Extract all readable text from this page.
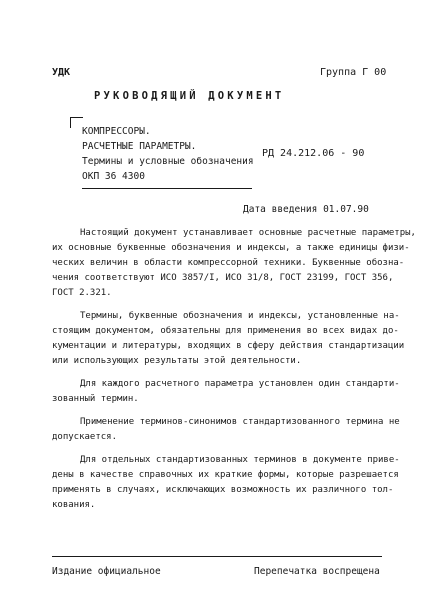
УДК	Группа Г 00
РУКОВОДЯЩИЙ ДОКУМЕНТ
КОМПРЕССОРЫ.
РАСЧЕТНЫЕ ПАРАМЕТРЫ.
Термины и условные обозначения
ОКП 36 4300
РД 24.212.06 - 90
Дата введения 01.07.90

Настоящий документ устанавливает основные расчетные параметры,
их основные буквенные обозначения и индексы, а также единицы физи-
ческих величин в области компрессорной техники. Буквенные обозна-
чения соответствуют ИСО 3857/I, ИСО 31/8, ГОСТ 23199, ГОСТ 356,
ГОСТ 2.321.

Термины, буквенные обозначения и индексы, установленные на-
стоящим документом, обязательны для применения во всех видах до-
кументации и литературы, входящих в сферу действия стандартизации
или использующих результаты этой деятельности.

Для каждого расчетного параметра установлен один стандарти-
зованный термин.

Применение терминов-синонимов стандартизованного термина не
допускается.

Для отдельных стандартизованных терминов в документе приве-
дены в качестве справочных их краткие формы, которые разрешается
применять в случаях, исключающих возможность их различного тол-
кования.

Издание официальное	Перепечатка воспрещена
